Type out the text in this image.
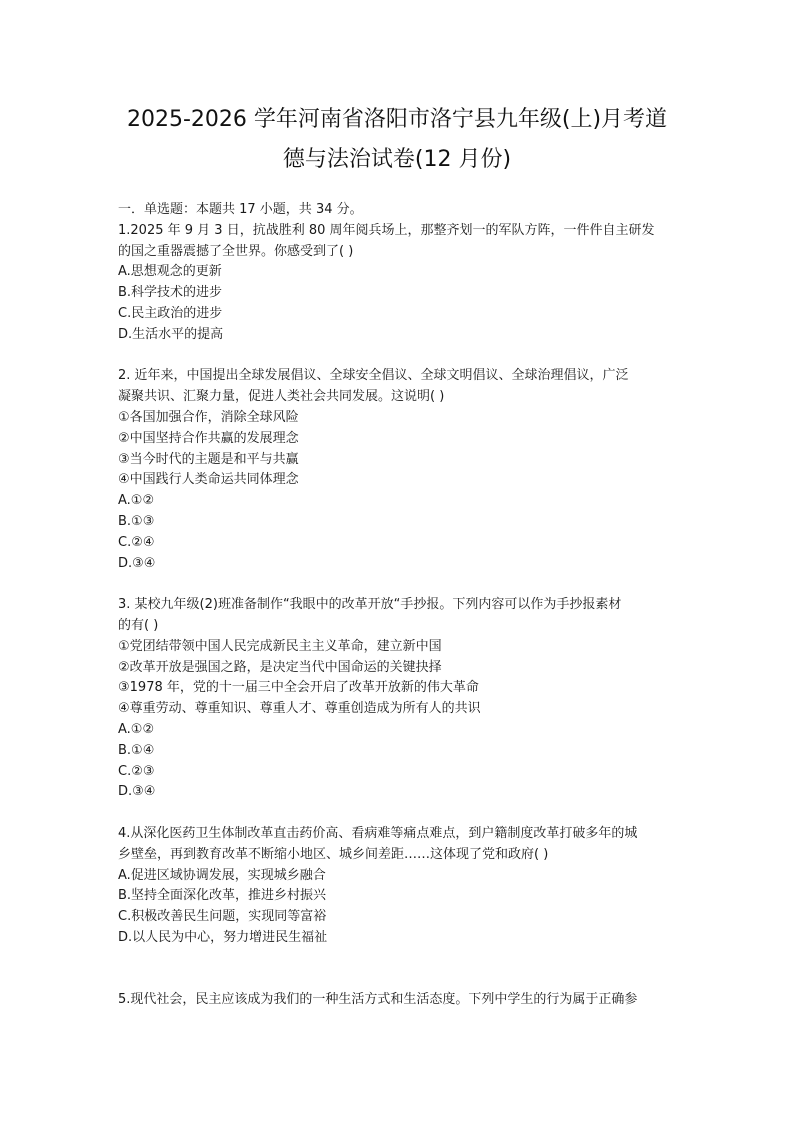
2025-2026 学年河南省洛阳市洛宁县九年级(上)月考道
德与法治试卷(12 月份)
一．单选题：本题共 17 小题，共 34 分。
1.2025 年 9 月 3 日，抗战胜利 80 周年阅兵场上，那整齐划一的军队方阵，一件件自主研发
的国之重器震撼了全世界。你感受到了( )
A.思想观念的更新
B.科学技术的进步
C.民主政治的进步
D.生活水平的提高
2. 近年来，中国提出全球发展倡议、全球安全倡议、全球文明倡议、全球治理倡议，广泛
凝聚共识、汇聚力量，促进人类社会共同发展。这说明( )
①各国加强合作，消除全球风险
②中国坚持合作共赢的发展理念
③当今时代的主题是和平与共赢
④中国践行人类命运共同体理念
A.①②
B.①③
C.②④
D.③④
3. 某校九年级(2)班准备制作“我眼中的改革开放“手抄报。下列内容可以作为手抄报素材
的有( )
①党团结带领中国人民完成新民主主义革命，建立新中国
②改革开放是强国之路，是决定当代中国命运的关键抉择
③1978 年，党的十一届三中全会开启了改革开放新的伟大革命
④尊重劳动、尊重知识、尊重人才、尊重创造成为所有人的共识
A.①②
B.①④
C.②③
D.③④
4.从深化医药卫生体制改革直击药价高、看病难等痛点难点，到户籍制度改革打破多年的城
乡壁垒，再到教育改革不断缩小地区、城乡间差距……这体现了党和政府( )
A.促进区域协调发展，实现城乡融合
B.坚持全面深化改革，推进乡村振兴
C.积极改善民生问题，实现同等富裕
D.以人民为中心，努力增进民生福祉
5.现代社会，民主应该成为我们的一种生活方式和生活态度。下列中学生的行为属于正确参
